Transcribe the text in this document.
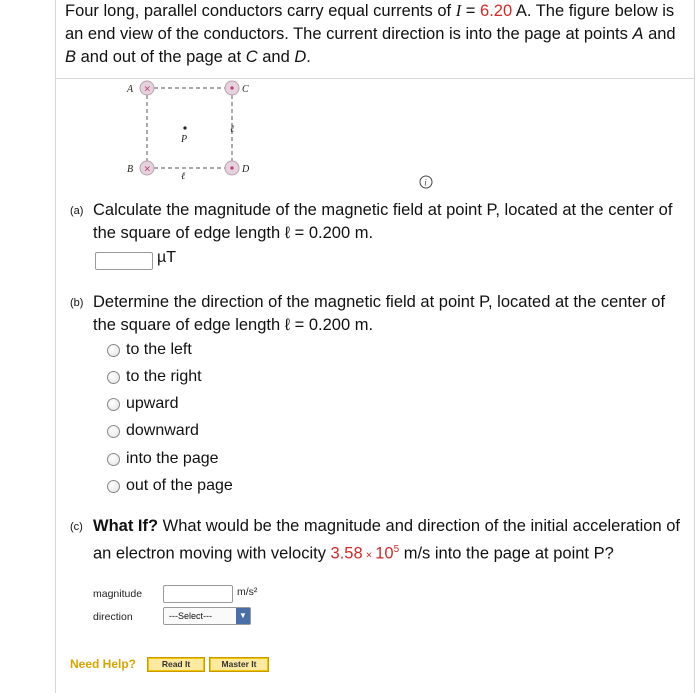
Four long, parallel conductors carry equal currents of I = 6.20 A. The figure below is an end view of the conductors. The current direction is into the page at points A and B and out of the page at C and D.
×
×
A
B
C
D
P
ℓ
ℓ
i
(a) Calculate the magnitude of the magnetic field at point P, located at the center of the square of edge length ℓ = 0.200 m.
µT
(b) Determine the direction of the magnetic field at point P, located at the center of the square of edge length ℓ = 0.200 m.
to the left
to the right
upward
downward
into the page
out of the page
(c) What If? What would be the magnitude and direction of the initial acceleration of an electron moving with velocity $3.58 \times 10^5$ m/s into the page at point P?
magnitude	m/s²
direction	---Select---	▼
Need Help?	Read It	Master It
